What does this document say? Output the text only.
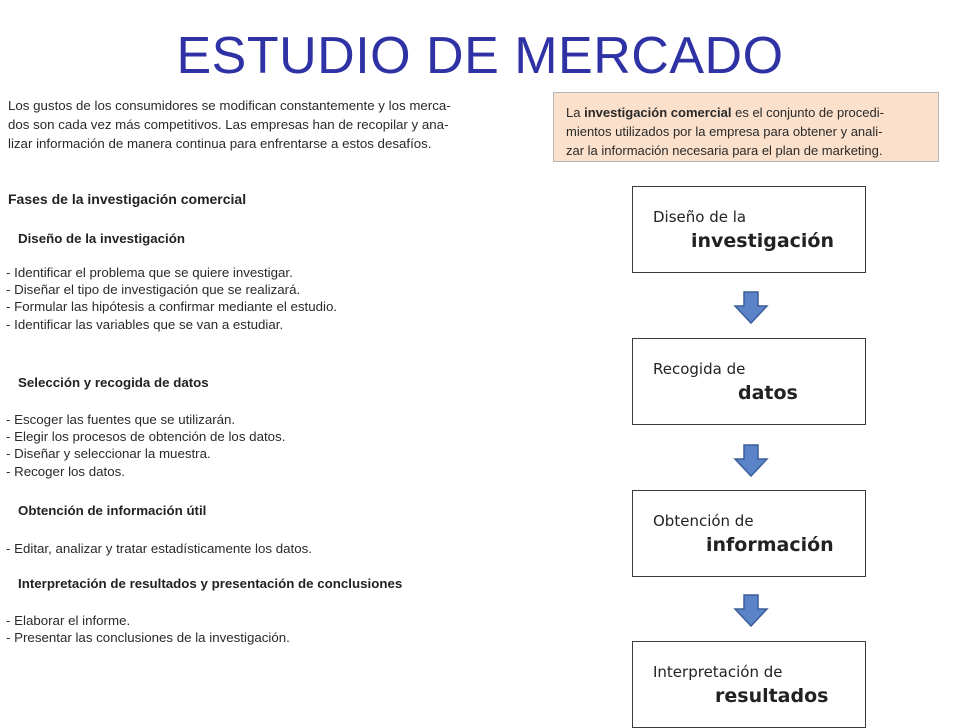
ESTUDIO DE MERCADO
Los gustos de los consumidores se modifican constantemente y los merca-
dos son cada vez más competitivos. Las empresas han de recopilar y ana-
lizar información de manera continua para enfrentarse a estos desafíos.
La investigación comercial es el conjunto de procedi-
mientos utilizados por la empresa para obtener y anali-
zar la información necesaria para el plan de marketing.
Fases de la investigación comercial
Diseño de la investigación
- Identificar el problema que se quiere investigar.
- Diseñar el tipo de investigación que se realizará.
- Formular las hipótesis a confirmar mediante el estudio.
- Identificar las variables que se van a estudiar.
Selección y recogida de datos
- Escoger las fuentes que se utilizarán.
- Elegir los procesos de obtención de los datos.
- Diseñar y seleccionar la muestra.
- Recoger los datos.
Obtención de información útil
- Editar, analizar y tratar estadísticamente los datos.
Interpretación de resultados y presentación de conclusiones
- Elaborar el informe.
- Presentar las conclusiones de la investigación.
Diseño de la
investigación
Recogida de
datos
Obtención de
información
Interpretación de
resultados
